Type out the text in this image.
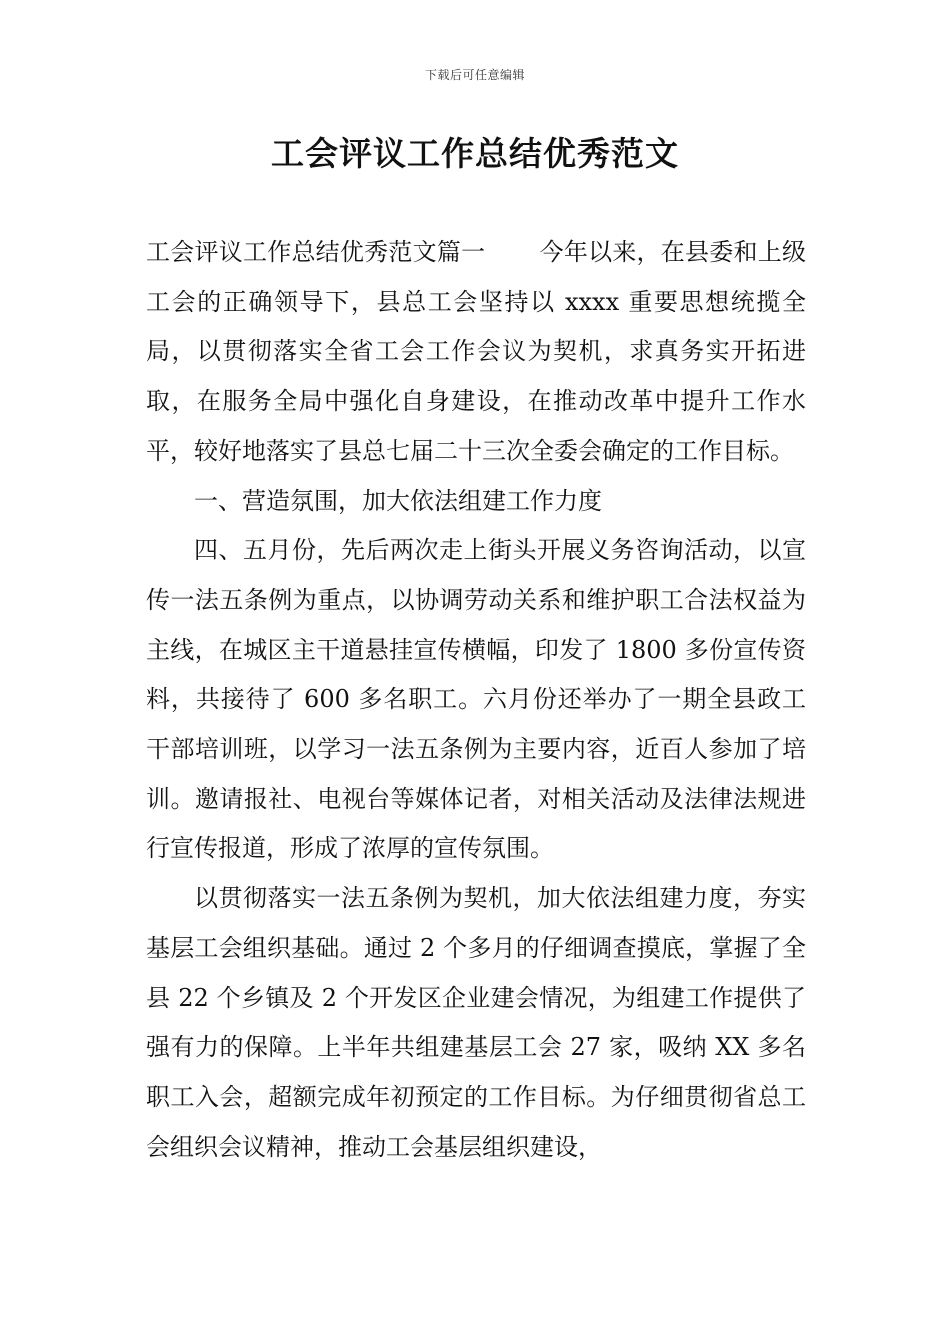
下载后可任意编辑
工会评议工作总结优秀范文

工会评议工作总结优秀范文篇一 今年以来，在县委和上级工会的正确领导下，县总工会坚持以 xxxx 重要思想统揽全局，以贯彻落实全省工会工作会议为契机，求真务实开拓进取，在服务全局中强化自身建设，在推动改革中提升工作水平，较好地落实了县总七届二十三次全委会确定的工作目标。

一、营造氛围，加大依法组建工作力度

四、五月份，先后两次走上街头开展义务咨询活动，以宣传一法五条例为重点，以协调劳动关系和维护职工合法权益为主线，在城区主干道悬挂宣传横幅，印发了 1800 多份宣传资料，共接待了 600 多名职工。六月份还举办了一期全县政工干部培训班，以学习一法五条例为主要内容，近百人参加了培训。邀请报社、电视台等媒体记者，对相关活动及法律法规进行宣传报道，形成了浓厚的宣传氛围。

以贯彻落实一法五条例为契机，加大依法组建力度，夯实基层工会组织基础。通过 2 个多月的仔细调查摸底，掌握了全县 22 个乡镇及 2 个开发区企业建会情况，为组建工作提供了强有力的保障。上半年共组建基层工会 27 家，吸纳 XX 多名职工入会，超额完成年初预定的工作目标。为仔细贯彻省总工会组织会议精神，推动工会基层组织建设，
